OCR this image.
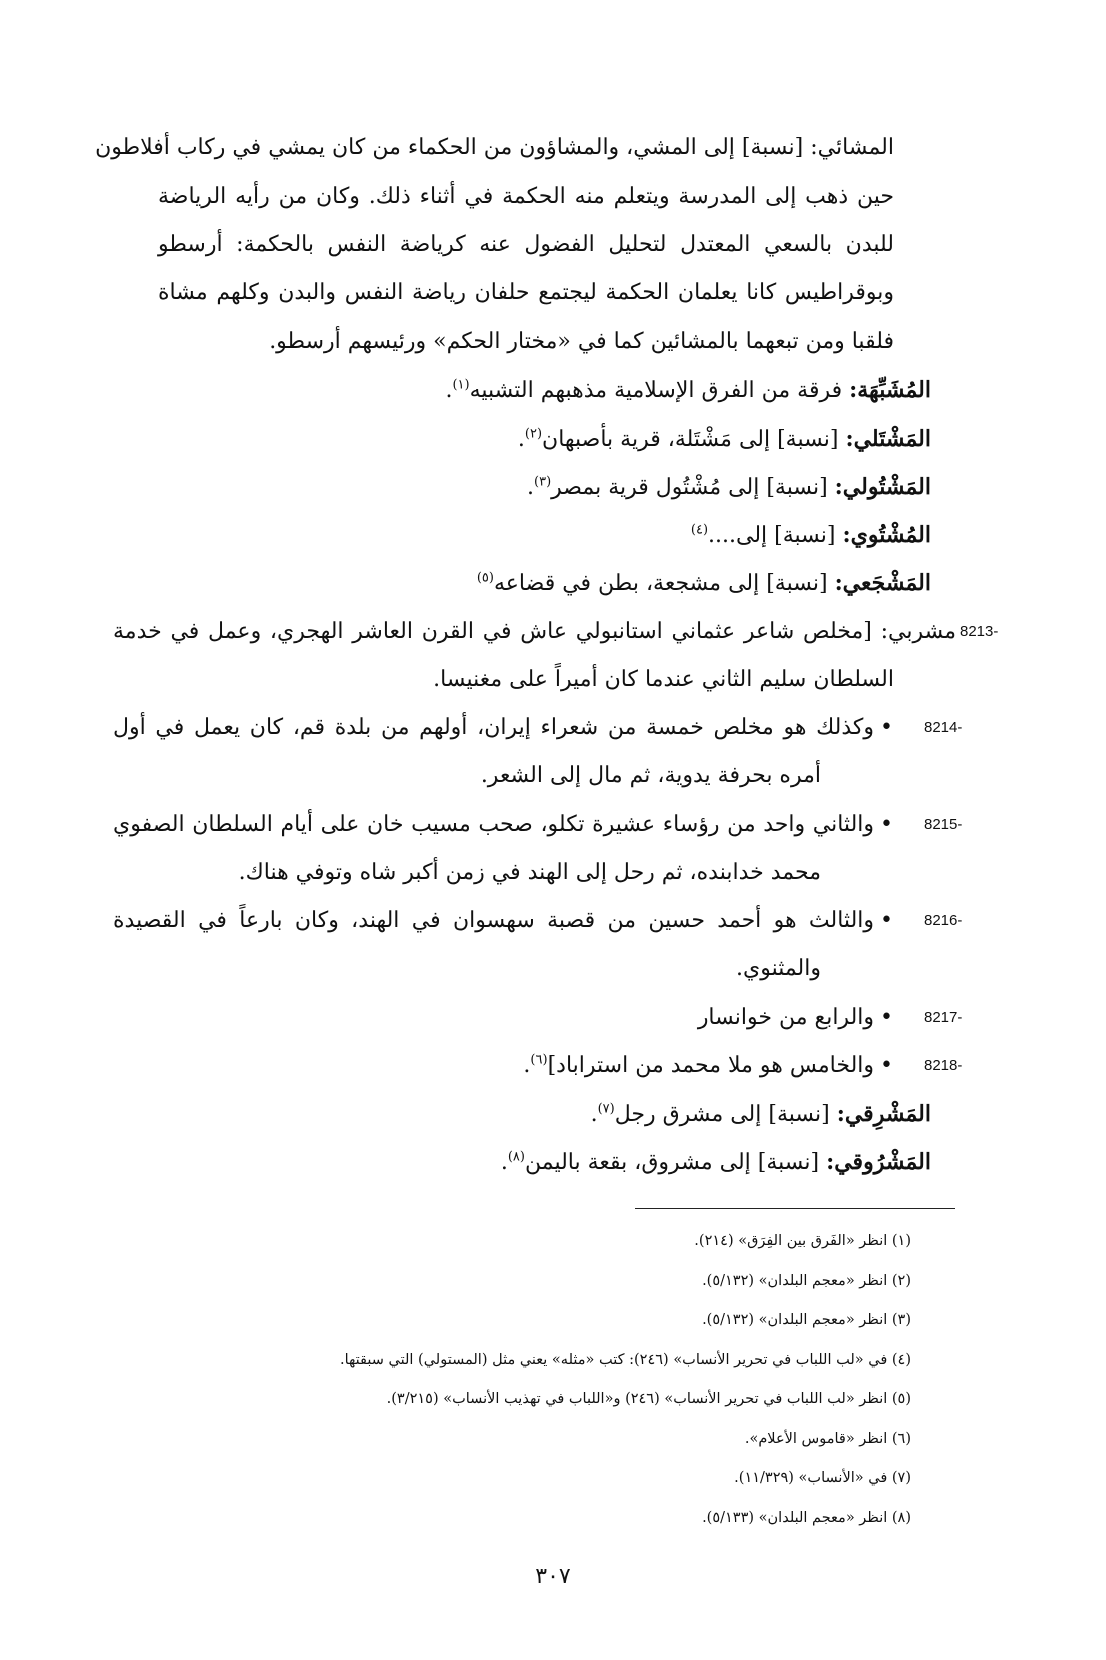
المشائي: [نسبة] إلى المشي، والمشاؤون من الحكماء من كان يمشي في ركاب أفلاطون
حين ذهب إلى المدرسة ويتعلم منه الحكمة في أثناء ذلك. وكان من رأيه الرياضة
للبدن بالسعي المعتدل لتحليل الفضول عنه كرياضة النفس بالحكمة: أرسطو
وبوقراطيس كانا يعلمان الحكمة ليجتمع حلفان رياضة النفس والبدن وكلهم مشاة
فلقبا ومن تبعهما بالمشائين كما في «مختار الحكم» ورئيسهم أرسطو.
المُشَبِّهَة: فرقة من الفرق الإسلامية مذهبهم التشبيه$^{(١)}$.
المَشْتَلي: [نسبة] إلى مَشْتَلة، قرية بأصبهان$^{(٢)}$.
المَشْتُولي: [نسبة] إلى مُشْتُول قرية بمصر$^{(٣)}$.
المُشْتُوي: [نسبة] إلى....$^{(٤)}$
المَشْجَعي: [نسبة] إلى مشجعة، بطن في قضاعه$^{(٥)}$
8213-
مشربي: [مخلص شاعر عثماني استانبولي عاش في القرن العاشر الهجري، وعمل في خدمة
السلطان سليم الثاني عندما كان أميراً على مغنيسا.
8214-
•وكذلك هو مخلص خمسة من شعراء إيران، أولهم من بلدة قم، كان يعمل في أول
أمره بحرفة يدوية، ثم مال إلى الشعر.
8215-
•والثاني واحد من رؤساء عشيرة تكلو، صحب مسيب خان على أيام السلطان الصفوي
محمد خدابنده، ثم رحل إلى الهند في زمن أكبر شاه وتوفي هناك.
8216-
•والثالث هو أحمد حسين من قصبة سهسوان في الهند، وكان بارعاً في القصيدة
والمثنوي.
8217-
•والرابع من خوانسار
8218-
•والخامس هو ملا محمد من استراباد]$^{(٦)}$.
المَشْرِقي: [نسبة] إلى مشرق رجل$^{(٧)}$.
المَشْرُوقي: [نسبة] إلى مشروق، بقعة باليمن$^{(٨)}$.
(١) انظر «الفَرق بين الفِرَق» (٢١٤).
(٢) انظر «معجم البلدان» (٥/١٣٢).
(٣) انظر «معجم البلدان» (٥/١٣٢).
(٤) في «لب اللباب في تحرير الأنساب» (٢٤٦): كتب «مثله» يعني مثل (المستولي) التي سبقتها.
(٥) انظر «لب اللباب في تحرير الأنساب» (٢٤٦) و«اللباب في تهذيب الأنساب» (٣/٢١٥).
(٦) انظر «قاموس الأعلام».
(٧) في «الأنساب» (١١/٣٢٩).
(٨) انظر «معجم البلدان» (٥/١٣٣).
٣٠٧
